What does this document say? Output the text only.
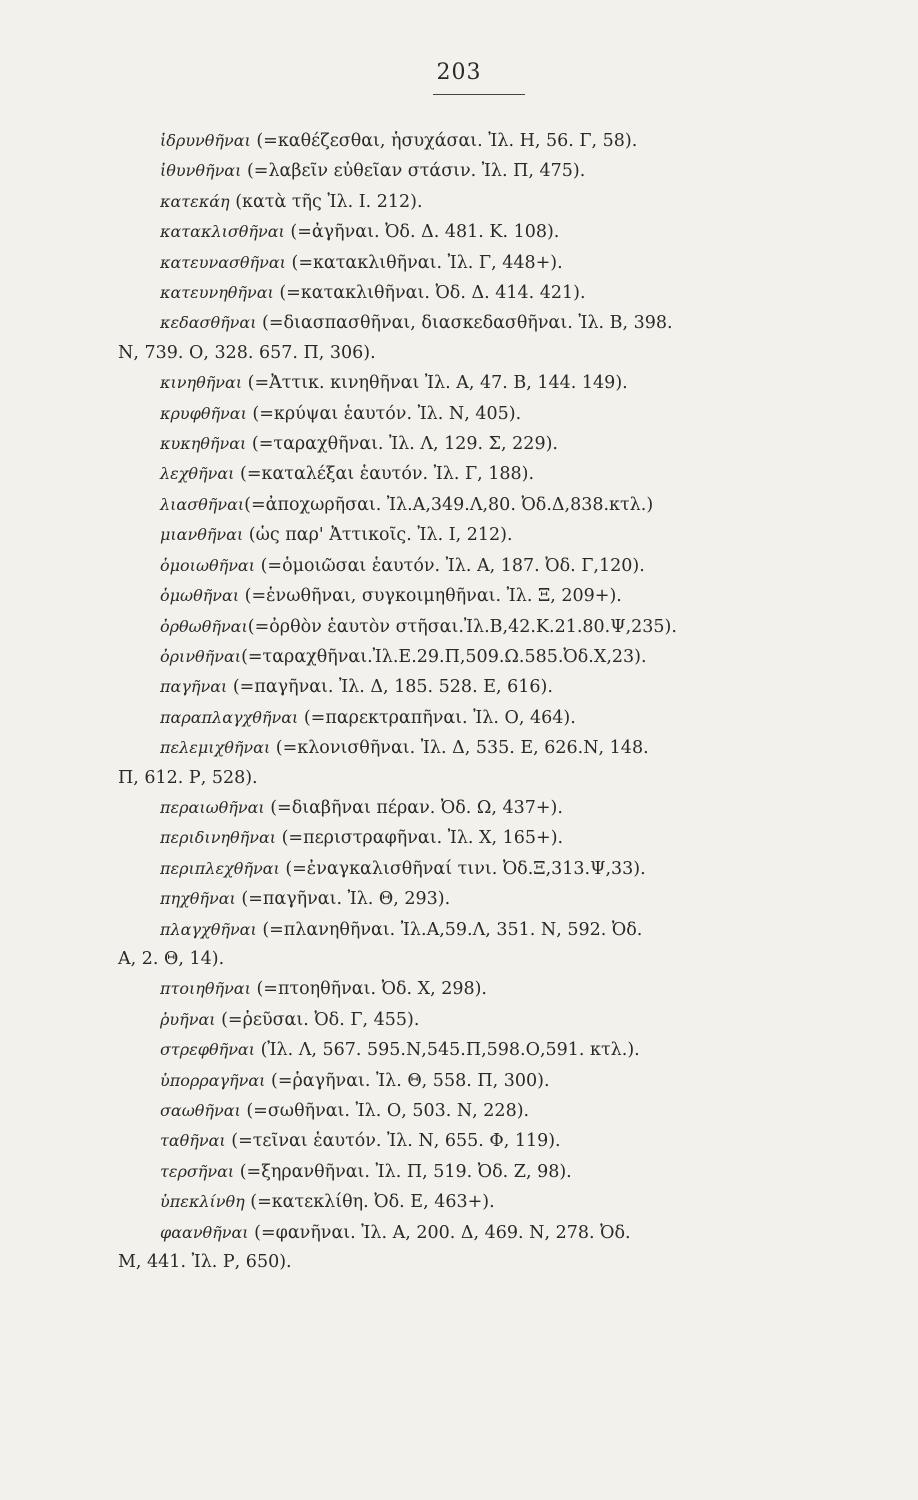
203
ἱδρυνθῆναι (=καθέζεσθαι, ἡσυχάσαι. Ἰλ. Η, 56. Γ, 58).
ἰθυνθῆναι (=λαβεῖν εὐθεῖαν στάσιν. Ἰλ. Π, 475).
κατεκάη (κατὰ τῆς Ἰλ. Ι. 212).
κατακλισθῆναι (=ἀγῆναι. Ὀδ. Δ. 481. Κ. 108).
κατευνασθῆναι (=κατακλιθῆναι. Ἰλ. Γ, 448+).
κατευνηθῆναι (=κατακλιθῆναι. Ὀδ. Δ. 414. 421).
κεδασθῆναι (=διασπασθῆναι, διασκεδασθῆναι. Ἰλ. Β, 398.
Ν, 739. Ο, 328. 657. Π, 306).
κινηθῆναι (=Ἀττικ. κινηθῆναι Ἰλ. Α, 47. Β, 144. 149).
κρυφθῆναι (=κρύψαι ἑαυτόν. Ἰλ. Ν, 405).
κυκηθῆναι (=ταραχθῆναι. Ἰλ. Λ, 129. Σ, 229).
λεχθῆναι (=καταλέξαι ἑαυτόν. Ἰλ. Γ, 188).
λιασθῆναι(=ἀποχωρῆσαι. Ἰλ.Α,349.Λ,80. Ὀδ.Δ,838.κτλ.)
μιανθῆναι (ὡς παρ' Ἀττικοῖς. Ἰλ. Ι, 212).
ὁμοιωθῆναι (=ὁμοιῶσαι ἑαυτόν. Ἰλ. Α, 187. Ὀδ. Γ,120).
ὁμωθῆναι (=ἑνωθῆναι, συγκοιμηθῆναι. Ἰλ. Ξ, 209+).
ὀρθωθῆναι(=ὀρθὸν ἑαυτὸν στῆσαι.Ἰλ.Β,42.Κ.21.80.Ψ,235).
ὀρινθῆναι(=ταραχθῆναι.Ἰλ.Ε.29.Π,509.Ω.585.Ὀδ.Χ,23).
παγῆναι (=παγῆναι. Ἰλ. Δ, 185. 528. Ε, 616).
παραπλαγχθῆναι (=παρεκτραπῆναι. Ἰλ. Ο, 464).
πελεμιχθῆναι (=κλονισθῆναι. Ἰλ. Δ, 535. Ε, 626.Ν, 148.
Π, 612. Ρ, 528).
περαιωθῆναι (=διαβῆναι πέραν. Ὀδ. Ω, 437+).
περιδινηθῆναι (=περιστραφῆναι. Ἰλ. Χ, 165+).
περιπλεχθῆναι (=ἐναγκαλισθῆναί τινι. Ὀδ.Ξ,313.Ψ,33).
πηχθῆναι (=παγῆναι. Ἰλ. Θ, 293).
πλαγχθῆναι (=πλανηθῆναι. Ἰλ.Α,59.Λ, 351. Ν, 592. Ὀδ.
Α, 2. Θ, 14).
πτοιηθῆναι (=πτοηθῆναι. Ὀδ. Χ, 298).
ῥυῆναι (=ῥεῦσαι. Ὀδ. Γ, 455).
στρεφθῆναι (Ἰλ. Λ, 567. 595.Ν,545.Π,598.Ο,591. κτλ.).
ὑπορραγῆναι (=ῥαγῆναι. Ἰλ. Θ, 558. Π, 300).
σαωθῆναι (=σωθῆναι. Ἰλ. Ο, 503. Ν, 228).
ταθῆναι (=τεῖναι ἑαυτόν. Ἰλ. Ν, 655. Φ, 119).
τερσῆναι (=ξηρανθῆναι. Ἰλ. Π, 519. Ὀδ. Ζ, 98).
ὑπεκλίνθη (=κατεκλίθη. Ὀδ. Ε, 463+).
φαανθῆναι (=φανῆναι. Ἰλ. Α, 200. Δ, 469. Ν, 278. Ὀδ.
Μ, 441. Ἰλ. Ρ, 650).
